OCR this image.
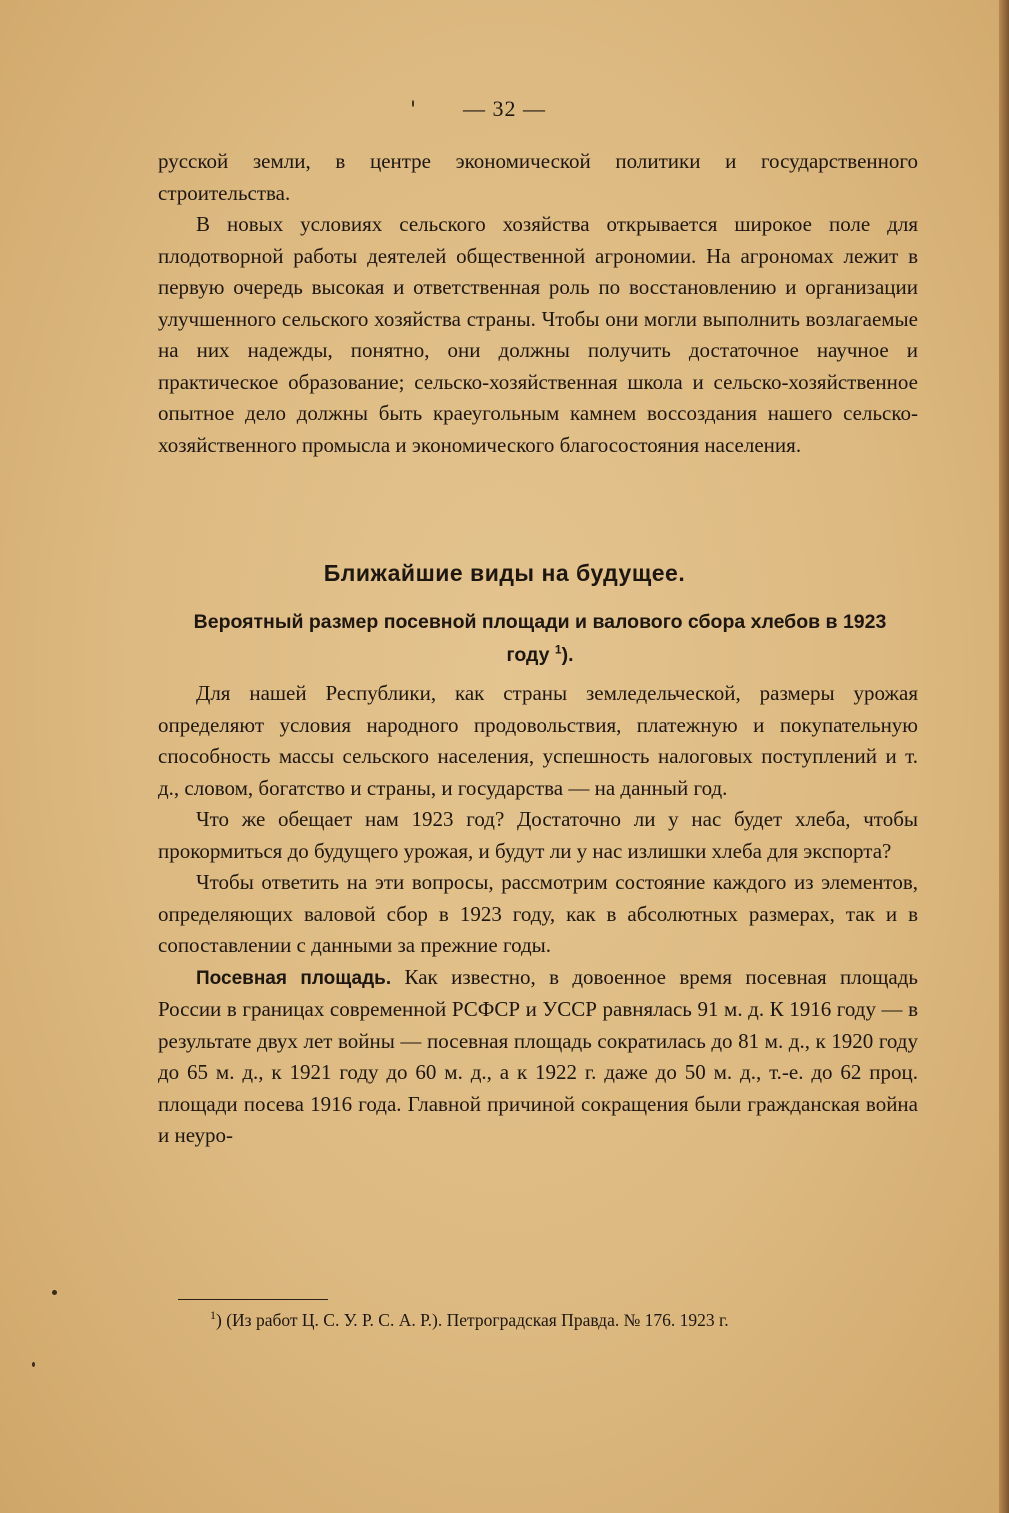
— 32 —

русской земли, в центре экономической политики и государственного строительства.

В новых условиях сельского хозяйства открывается широкое поле для плодотворной работы деятелей общественной агрономии. На агрономах лежит в первую очередь высокая и ответственная роль по восстановлению и организации улучшенного сельского хозяйства страны. Чтобы они могли выполнить возлагаемые на них надежды, понятно, они должны получить достаточное научное и практическое образование; сельско-хозяйственная школа и сельско-хозяйственное опытное дело должны быть краеугольным камнем воссоздания нашего сельско-хозяйственного промысла и экономического благосостояния населения.

Ближайшие виды на будущее.
Вероятный размер посевной площади и валового сбора хлебов в 1923 году $^1$).

Для нашей Республики, как страны земледельческой, размеры урожая определяют условия народного продовольствия, платежную и покупательную способность массы сельского населения, успешность налоговых поступлений и т. д., словом, богатство и страны, и государства — на данный год.

Что же обещает нам 1923 год? Достаточно ли у нас будет хлеба, чтобы прокормиться до будущего урожая, и будут ли у нас излишки хлеба для экспорта?

Чтобы ответить на эти вопросы, рассмотрим состояние каждого из элементов, определяющих валовой сбор в 1923 году, как в абсолютных размерах, так и в сопоставлении с данными за прежние годы.

Посевная площадь. Как известно, в довоенное время посевная площадь России в границах современной РСФСР и УССР равнялась 91 м. д. К 1916 году — в результате двух лет войны — посевная площадь сократилась до 81 м. д., к 1920 году до 65 м. д., к 1921 году до 60 м. д., а к 1922 г. даже до 50 м. д., т.-е. до 62 проц. площади посева 1916 года. Главной причиной сокращения были гражданская война и неуро-

$^1$) (Из работ Ц. С. У. Р. С. А. Р.). Петроградская Правда. № 176. 1923 г.
